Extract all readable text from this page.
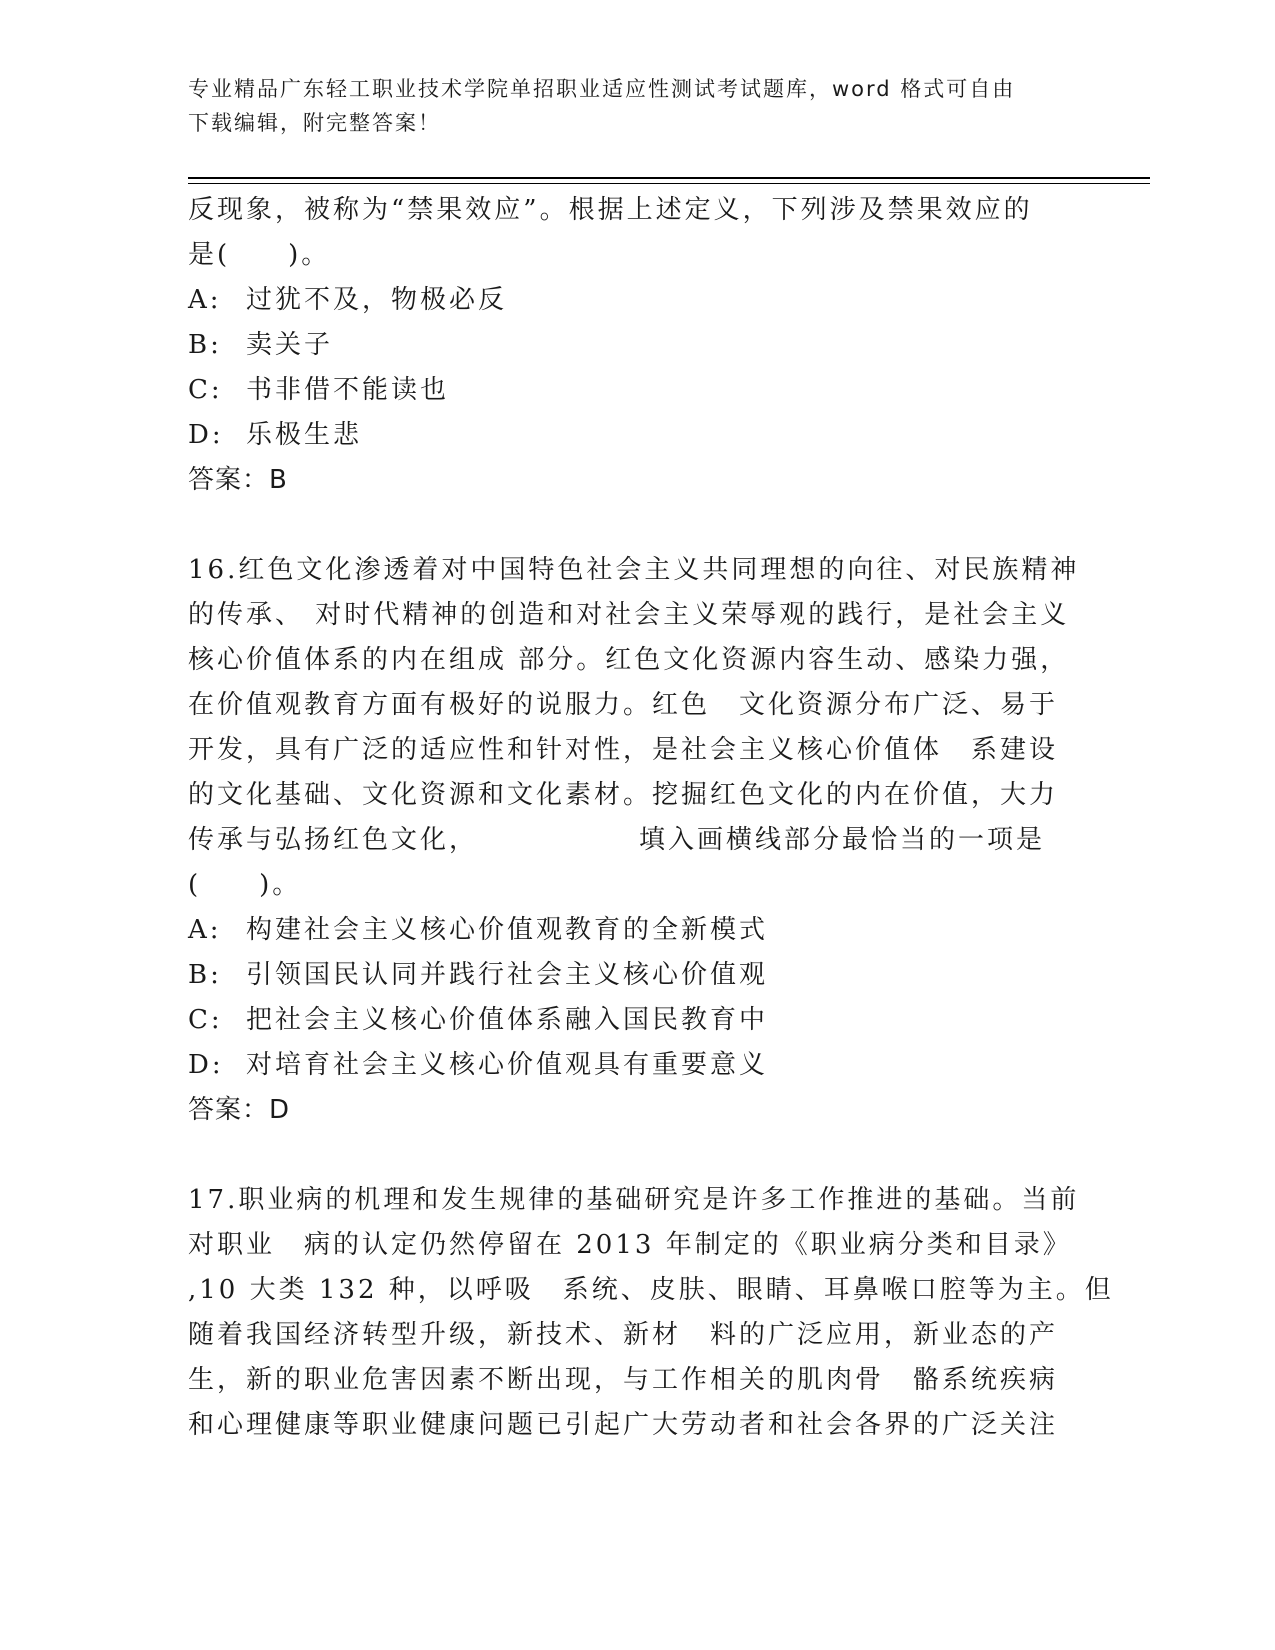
专业精品广东轻工职业技术学院单招职业适应性测试考试题库，word 格式可自由
下载编辑，附完整答案！
反现象，被称为“禁果效应”。根据上述定义，下列涉及禁果效应的
是(　　)。
A: 过犹不及，物极必反
B: 卖关子
C: 书非借不能读也
D: 乐极生悲
答案：B
16.红色文化渗透着对中国特色社会主义共同理想的向往、对民族精神
的传承、 对时代精神的创造和对社会主义荣辱观的践行，是社会主义
核心价值体系的内在组成 部分。红色文化资源内容生动、感染力强，
在价值观教育方面有极好的说服力。红色　文化资源分布广泛、易于
开发，具有广泛的适应性和针对性，是社会主义核心价值体　系建设
的文化基础、文化资源和文化素材。挖掘红色文化的内在价值，大力
传承与弘扬红色文化，　　　　　　填入画横线部分最恰当的一项是
(　　)。
A: 构建社会主义核心价值观教育的全新模式
B: 引领国民认同并践行社会主义核心价值观
C: 把社会主义核心价值体系融入国民教育中
D: 对培育社会主义核心价值观具有重要意义
答案：D
17.职业病的机理和发生规律的基础研究是许多工作推进的基础。当前
对职业　病的认定仍然停留在 2013 年制定的《职业病分类和目录》
,10 大类 132 种，以呼吸　系统、皮肤、眼睛、耳鼻喉口腔等为主。但
随着我国经济转型升级，新技术、新材　料的广泛应用，新业态的产
生，新的职业危害因素不断出现，与工作相关的肌肉骨　骼系统疾病
和心理健康等职业健康问题已引起广大劳动者和社会各界的广泛关注
